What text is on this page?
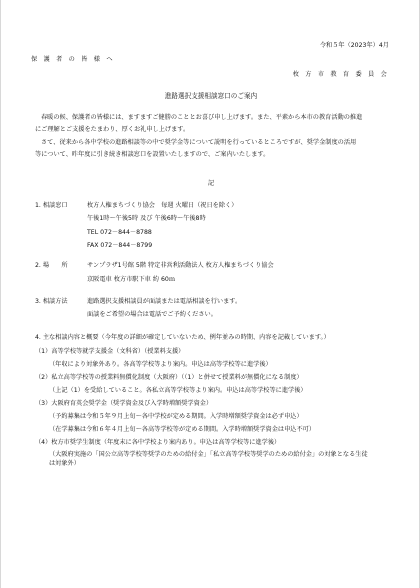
令和５年（2023年）4月
保 護 者 の 皆 様 へ
枚 方 市 教 育 委 員 会
進路選択支援相談窓口のご案内
春暖の候、保護者の皆様には、ますますご健勝のこととお喜び申し上げます。また、平素から本市の教育活動の推進
にご理解とご支援をたまわり、厚くお礼申し上げます。
さて、従来から各中学校の進路相談等の中で奨学金等について説明を行っているところですが、奨学金制度の活用
等について、昨年度に引き続き相談窓口を設置いたしますので、ご案内いたします。
記
1. 相談窓口	枚方人権まちづくり協会　毎週 火曜日（祝日を除く）
午後1時～午後5時 及び 午後6時～午後8時
TEL 072－844－8788
FAX 072－844－8799
2. 場　　所	サンプラザ1号館 5階 特定非営利活動法人 枚方人権まちづくり協会
京阪電車 枚方市駅下車 約 60ｍ
3. 相談方法	進路選択支援相談員が面談または電話相談を行います。
面談をご希望の場合は電話でご予約ください。
4. 主な相談内容と概要（今年度の詳細が確定していないため、例年並みの時期、内容を記載しています。）
（1）高等学校等就学支援金（文科省）（授業料支援）
（年収により対象外あり。各高等学校等より案内。申込は高等学校等に進学後）
（2）私立高等学校等の授業料無償化制度（大阪府）（（1）と併せて授業料が無償化になる制度）
（上記（1）を受給していること。各私立高等学校等より案内。申込は高等学校等に進学後）
（3）大阪府育英会奨学金（奨学資金及び入学時増額奨学資金）
（予約募集は令和５年９月上旬～各中学校が定める期間。入学時増額奨学資金は必ず申込）
（在学募集は令和６年４月上旬～各高等学校等が定める期間。入学時増額奨学資金は申込不可）
（4）枚方市奨学生制度（年度末に各中学校より案内あり。申込は高等学校等に進学後）
（大阪府実施の「国公立高等学校等奨学のための給付金」「私立高等学校等奨学のための給付金」の対象となる生徒は対象外）
